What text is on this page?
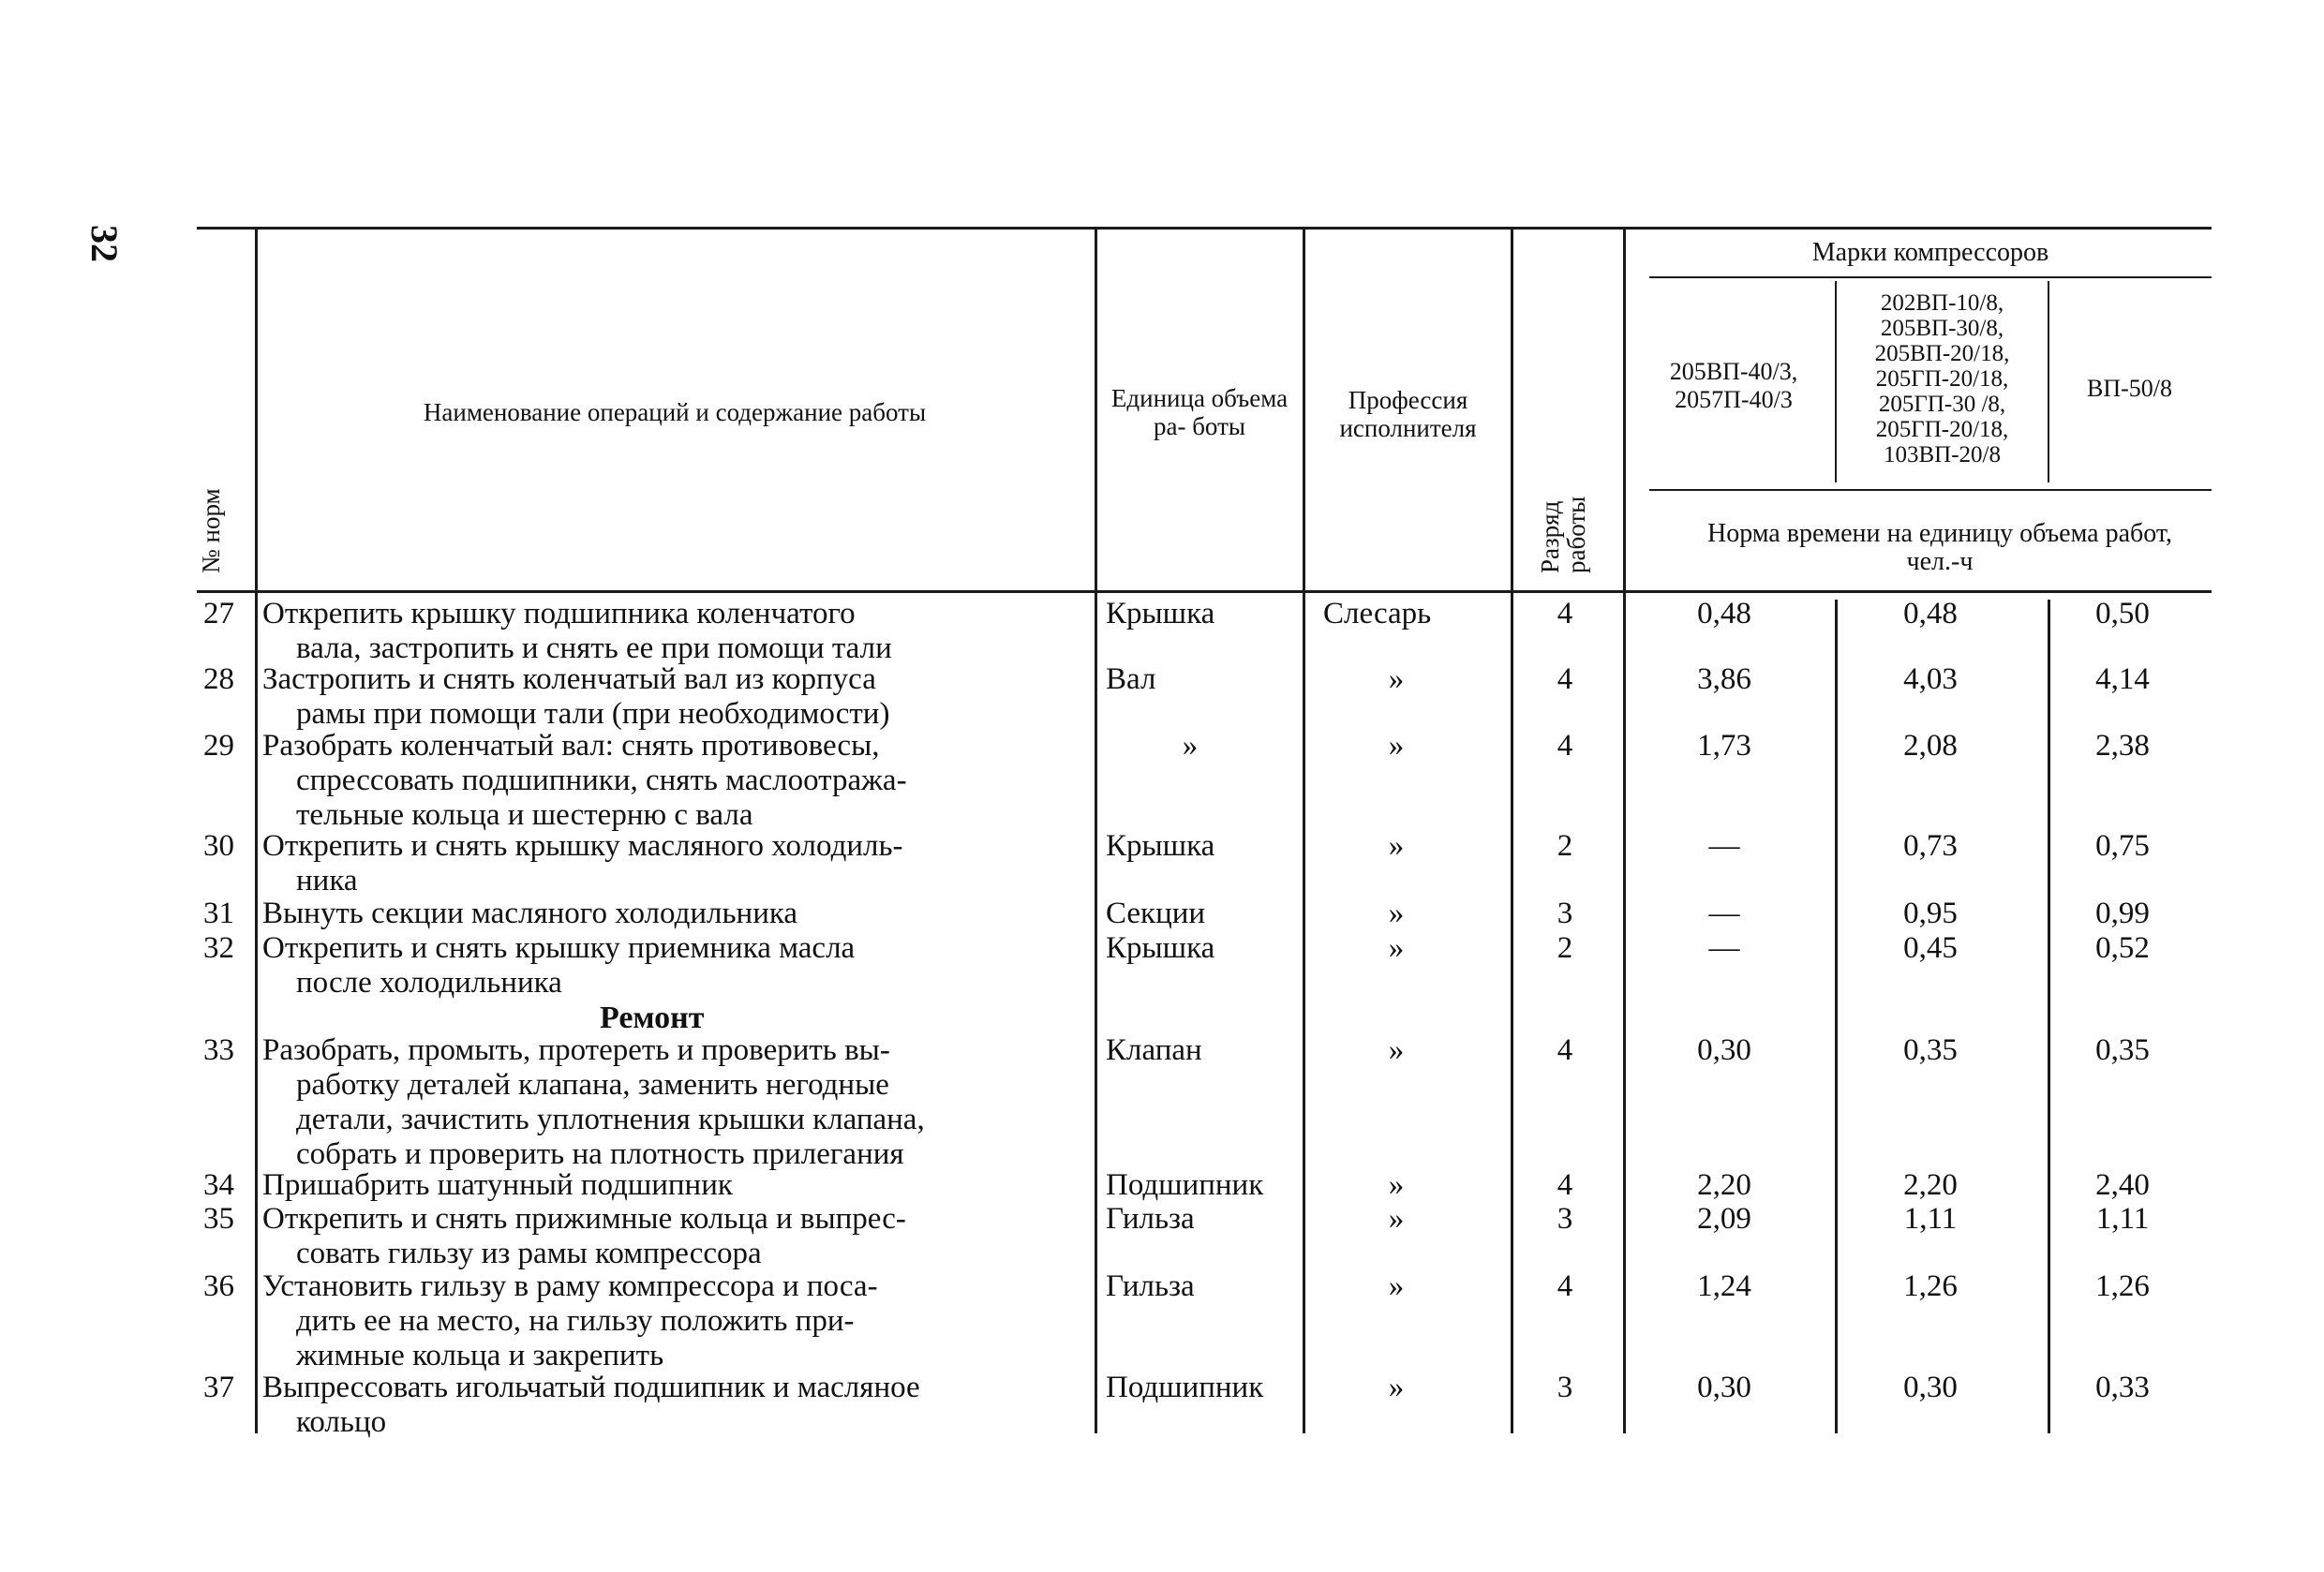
32
№ норм
Наименование операций и содержание работы	Единица объема ра- боты
Профессия исполнителя
Разряд работы
Марки компрессоров
205ВП-40/3, 2057П-40/3
202ВП-10/8, 205ВП-30/8, 205ВП-20/18, 205ГП-20/18, 205ГП-30 /8, 205ГП-20/18, 103ВП-20/8
ВП-50/8
Норма времени на единицу объема работ, чел.-ч
27 Открепить крышку подшипника коленчатого
вала, застропить и снять ее при помощи тали
Крышка	Слесарь	4	0,48	0,48	0,50
28 Застропить и снять коленчатый вал из корпуса
рамы при помощи тали (при необходимости)
Вал	»	4	3,86	4,03	4,14
29 Разобрать коленчатый вал: снять противовесы,
спрессовать подшипники, снять маслоотража-
тельные кольца и шестерню с вала
»	»	4	1,73	2,08	2,38
30 Открепить и снять крышку масляного холодиль-
ника
Крышка	»	2	—	0,73	0,75
31 Вынуть секции масляного холодильника	Секции	»	3	—	0,95	0,99
32 Открепить и снять крышку приемника масла
после холодильника
Крышка	»	2	—	0,45	0,52
Ремонт
33 Разобрать, промыть, протереть и проверить вы-
работку деталей клапана, заменить негодные
детали, зачистить уплотнения крышки клапана,
собрать и проверить на плотность прилегания
Клапан	»	4	0,30	0,35	0,35
34 Пришабрить шатунный подшипник	Подшипник	»	4	2,20	2,20	2,40
35 Открепить и снять прижимные кольца и выпрес-
совать гильзу из рамы компрессора
Гильза	»	3	2,09	1,11	1,11
36 Установить гильзу в раму компрессора и поса-
дить ее на место, на гильзу положить при-
жимные кольца и закрепить
Гильза	»	4	1,24	1,26	1,26
37 Выпрессовать игольчатый подшипник и масляное
кольцо
Подшипник	»	3	0,30	0,30	0,33
